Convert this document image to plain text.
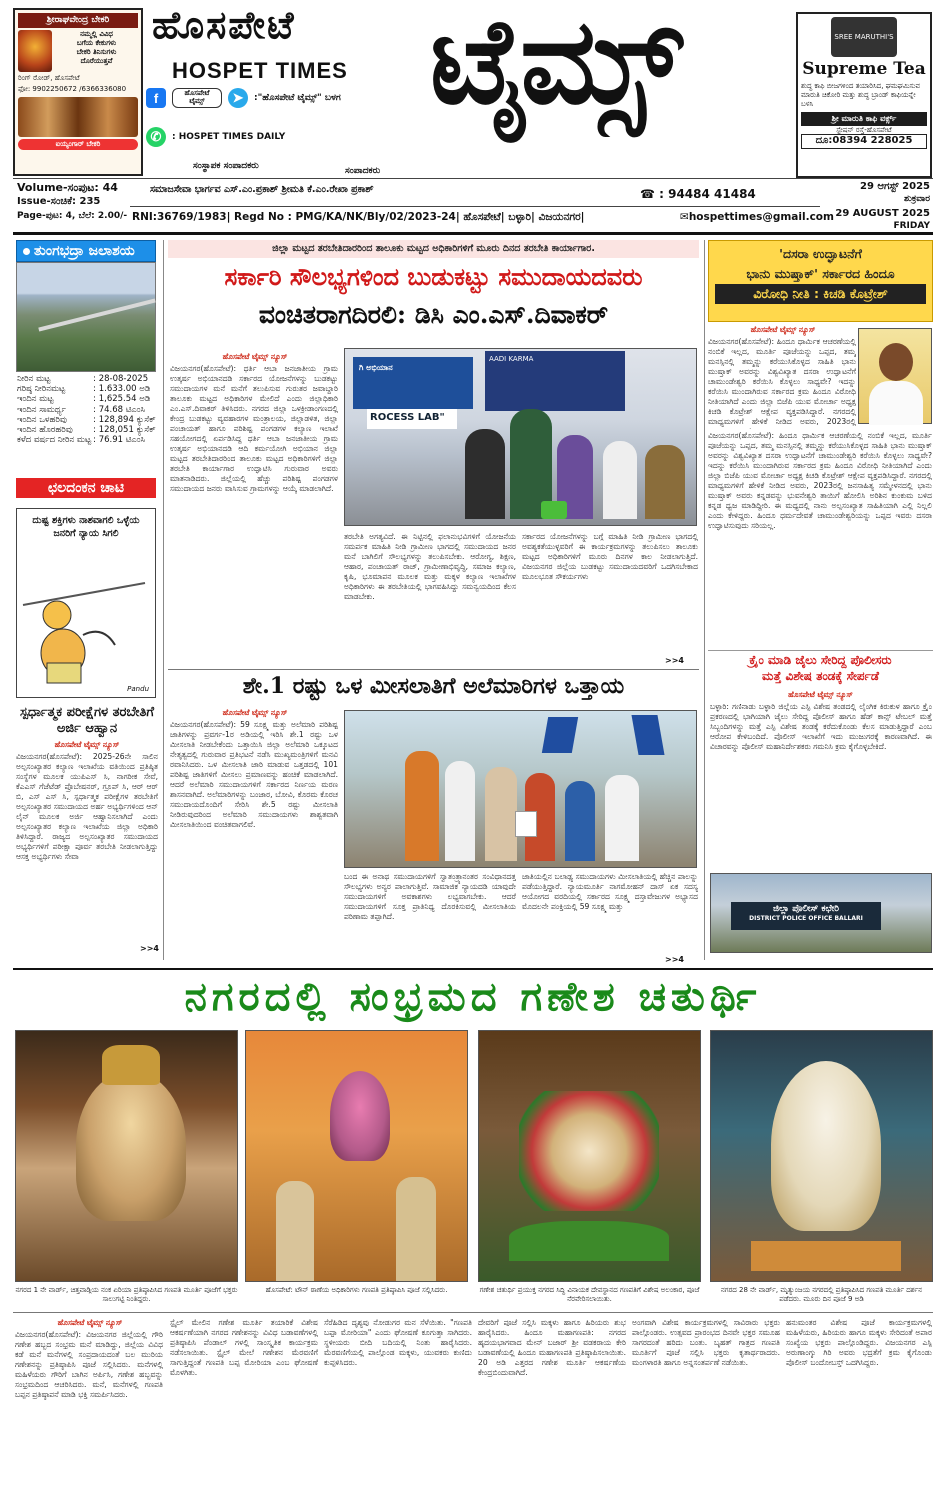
ಶ್ರೀರಾಘವೇಂದ್ರ ಬೇಕರಿ
ನಮ್ಮಲ್ಲಿ ವಿವಿಧ
ಬಗೆಯ ಕೇಕುಗಳು
ಬೇಕರಿ ತಿನಿಸುಗಳು
ದೊರೆಯುತ್ತವೆ
ರಿಂಗ್ ರೋಡ್, ಹೊಸಪೇಟೆ
ಫೋ: 9902250672 /6366336080
ಐಯ್ಯಂಗಾರ್ ಬೇಕರಿ
ಹೊಸಪೇಟೆ
HOSPET TIMES ಟೈಮ್ಸ್
f	ಹೊಸಪೇಟೆ ಟೈಮ್ಸ್	➤	:"ಹೊಸಪೇಟೆ ಟೈಮ್ಸ್" ಬಳಗ
✆	: HOSPET TIMES DAILY
ಸಂಸ್ಥಾಪಕ ಸಂಪಾದಕರು	ಸಂಪಾದಕರು
SREE MARUTHI'S
Supreme Tea
ಶುದ್ಧ ಕಾಫಿ ಬೀಜಗಳಿಂದ ತಯಾರಿಸಿದ, ಘಮಘಮಿಸುವ ಮಾರುತಿ ಚಿಕೋರಿ ಮತ್ತು ಶುದ್ಧ ಬ್ರಾಂಡ್ ಕಾಫಿಯನ್ನೇ ಬಳಸಿ
ಶ್ರೀ ಮಾರುತಿ ಕಾಫಿ ವರ್ಕ್ಸ್
ಸ್ಟೇಷನ್ ರಸ್ತೆ-ಹೊಸಪೇಟೆ
ದೂ:08394 228025
Volume-ಸಂಪುಟ: 44
Issue-ಸಂಚಿಕೆ: 235
Page-ಪುಟ: 4, ಬೆಲೆ: 2.00/-
ಸಮಾಜಸೇವಾ ಭಾರ್ಗವ ಎಸ್.ಎಂ.ಪ್ರಕಾಶ್ ಶ್ರೀಮತಿ ಕೆ.ಎಂ.ರೇಖಾ ಪ್ರಕಾಶ್	☎ : 94484 41484
29 ಆಗಸ್ಟ್ 2025
ಶುಕ್ರವಾರ
RNI:36769/1983| Regd No : PMG/KA/NK/Bly/02/2023-24| ಹೊಸಪೇಟೆ| ಬಳ್ಳಾರಿ| ವಿಜಯನಗರ|	✉hospettimes@gmail.com 29 AUGUST 2025
FRIDAY
ತುಂಗಭದ್ರಾ ಜಲಾಶಯ
ನೀರಿನ ಮಟ್ಟ	: 28-08-2025
ಗರಿಷ್ಠ ನೀರಿನಮಟ್ಟ	: 1.633.00 ಅಡಿ
ಇಂದಿನ ಮಟ್ಟ	: 1,625.54 ಅಡಿ
ಇಂದಿನ ಸಾಮರ್ಥ್ಯ	: 74.68 ಟಿಎಂಸಿ
ಇಂದಿನ ಒಳಹರಿವು	: 128,894 ಕ್ಯುಸೆಕ್
ಇಂದಿನ ಹೊರಹರಿವು	: 128,051 ಕ್ಯುಸೆಕ್
ಕಳೆದ ವರ್ಷದ ನೀರಿನ ಮಟ್ಟ	: 76.91 ಟಿಎಂಸಿ
ಛಲದಂಕನ ಚಾಟಿ
ದುಷ್ಟ ಶಕ್ತಿಗಳು ನಾಶವಾಗಲಿ ಒಳ್ಳೆಯ ಜನರಿಗೆ ನ್ಯಾಯ ಸಿಗಲಿ
Pandu
ಸ್ಪರ್ಧಾತ್ಮಕ ಪರೀಕ್ಷೆಗಳ ತರಬೇತಿಗೆ ಅರ್ಜಿ ಆಹ್ವಾನ
ಹೊಸಪೇಟೆ ಟೈಮ್ಸ್ ನ್ಯೂಸ್
ವಿಜಯನಗರ(ಹೊಸಪೇಟೆ): 2025-26ನೇ ಸಾಲಿನ ಅಲ್ಪಸಂಖ್ಯಾತರ ಕಲ್ಯಾಣ ಇಲಾಖೆಯ ವತಿಯಿಂದ ಪ್ರತಿಷ್ಠಿತ ಸಂಸ್ಥೆಗಳ ಮೂಲಕ ಯುಪಿಎಸ್ ಸಿ, ನಾಗರೀಕ ಸೇವೆ, ಕೆಎಎಸ್ ಗೆಜೆಟೆಡ್ ಪ್ರೊಬೇಷನರ್, ಗ್ರೂಪ್ ಸಿ, ಆರ್ ಆರ್ ಬಿ, ಎಸ್ ಎಸ್ ಸಿ, ಸ್ಪರ್ಧಾತ್ಮಕ ಪರೀಕ್ಷೆಗಳ ತರಬೇತಿಗೆ ಅಲ್ಪಸಂಖ್ಯಾತರ ಸಮುದಾಯದ ಅರ್ಹ ಅಭ್ಯರ್ಥಿಗಳಿಂದ ಆನ್ ಲೈನ್ ಮೂಲಕ ಅರ್ಜಿ ಆಹ್ವಾನಿಸಲಾಗಿದೆ ಎಂದು ಅಲ್ಪಸಂಖ್ಯಾತರ ಕಲ್ಯಾಣ ಇಲಾಖೆಯ ಜಿಲ್ಲಾ ಅಧಿಕಾರಿ ತಿಳಿಸಿದ್ದಾರೆ. ರಾಜ್ಯದ ಅಲ್ಪಸಂಖ್ಯಾತರ ಸಮುದಾಯದ ಅಭ್ಯರ್ಥಿಗಳಿಗೆ ಪರೀಕ್ಷಾ ಪೂರ್ವ ತರಬೇತಿ ನೀಡಲಾಗುತ್ತಿದ್ದು ಆಸಕ್ತ ಅಭ್ಯರ್ಥಿಗಳು ಸೇವಾ
>>4
ಜಿಲ್ಲಾ ಮಟ್ಟದ ತರಬೇತಿದಾರರಿಂದ ತಾಲೂಕು ಮಟ್ಟದ ಅಧಿಕಾರಿಗಳಿಗೆ ಮೂರು ದಿನದ ತರಬೇತಿ ಕಾರ್ಯಾಗಾರ.
ಸರ್ಕಾರಿ ಸೌಲಭ್ಯಗಳಿಂದ ಬುಡುಕಟ್ಟು ಸಮುದಾಯದವರು
ವಂಚಿತರಾಗದಿರಲಿ: ಡಿಸಿ ಎಂ.ಎಸ್.ದಿವಾಕರ್
ಹೊಸಪೇಟೆ ಟೈಮ್ಸ್ ನ್ಯೂಸ್
ವಿಜಯನಗರ(ಹೊಸಪೇಟೆ): ಧರ್ತಿ ಆಬಾ ಜನಜಾತೀಯ ಗ್ರಾಮ ಉತ್ಕರ್ಷ ಅಭಿಯಾನದಡಿ ಸರ್ಕಾರದ ಯೋಜನೆಗಳನ್ನು ಬುಡಕಟ್ಟು ಸಮುದಾಯಗಳ ಮನೆ ಮನೆಗೆ ತಲುಪಿಸುವ ಗುರುತರ ಜವಾಬ್ದಾರಿ ತಾಲೂಕು ಮಟ್ಟದ ಅಧಿಕಾರಿಗಳ ಮೇಲಿದೆ ಎಂದು ಜಿಲ್ಲಾಧಿಕಾರಿ ಎಂ.ಎಸ್.ದಿವಾಕರ್ ತಿಳಿಸಿದರು. ನಗರದ ಜಿಲ್ಲಾ ಒಳಕ್ರೀಡಾಂಗಣದಲ್ಲಿ ಕೇಂದ್ರ ಬುಡಕಟ್ಟು ವ್ಯವಹಾರಗಳ ಮಂತ್ರಾಲಯ, ಜಿಲ್ಲಾಡಳಿತ, ಜಿಲ್ಲಾ ಪಂಚಾಯತ್ ಹಾಗೂ ಪರಿಶಿಷ್ಟ ಪಂಗಡಗಳ ಕಲ್ಯಾಣ ಇಲಾಖೆ ಸಹಯೋಗದಲ್ಲಿ ಏರ್ಪಡಿಸಿದ್ದ ಧರ್ತಿ ಆಬಾ ಜನಜಾತೀಯ ಗ್ರಾಮ ಉತ್ಕರ್ಷ ಅಭಿಯಾನದಡಿ ಆದಿ ಕರ್ಮಯೋಗಿ ಅಭಿಯಾನ ಜಿಲ್ಲಾ ಮಟ್ಟದ ತರಬೇತಿದಾರರಿಂದ ತಾಲೂಕು ಮಟ್ಟದ ಅಧಿಕಾರಿಗಳಿಗೆ ಜಿಲ್ಲಾ ತರಬೇತಿ ಕಾರ್ಯಾಗಾರ ಉದ್ಘಾಟಿಸಿ ಗುರುವಾರ ಅವರು ಮಾತನಾಡಿದರು. ಜಿಲ್ಲೆಯಲ್ಲಿ ಹೆಚ್ಚು ಪರಿಶಿಷ್ಟ ಪಂಗಡಗಳ ಸಮುದಾಯದ ಜನರು ವಾಸಿಸುವ ಗ್ರಾಮಗಳನ್ನು ಆಯ್ಕೆ ಮಾಡಲಾಗಿದೆ.
ಗಿ ಅಭಿಯಾನ
AADI KARMA
ROCESS LAB"
ತರಬೇತಿ ಅಗತ್ಯವಿದೆ. ಈ ನಿಟ್ಟಿನಲ್ಲಿ ಫಲಾನುಭವಿಗಳಿಗೆ ಯೋಜನೆಯ ಸಮರ್ಪಕ ಮಾಹಿತಿ ನೀಡಿ ಗ್ರಾಮೀಣ ಭಾಗದಲ್ಲಿ ಸಮುದಾಯದ ಜನರ ಮನೆ ಬಾಗಿಲಿಗೆ ಸೌಲಭ್ಯಗಳನ್ನು ತಲುಪಿಸಬೇಕು. ಆರೋಗ್ಯ, ಶಿಕ್ಷಣ, ಆಹಾರ, ಪಂಚಾಯತ್ ರಾಜ್, ಗ್ರಾಮೀಣಾಭಿವೃದ್ಧಿ, ಸಮಾಜ ಕಲ್ಯಾಣ, ಕೃಷಿ, ಭೂಮಾಪನ ಮೂಲಕ ಮತ್ತು ಮಕ್ಕಳ ಕಲ್ಯಾಣ ಇಲಾಖೆಗಳ ಅಧಿಕಾರಿಗಳು ಈ ತರಬೇತಿಯಲ್ಲಿ ಭಾಗವಹಿಸಿದ್ದು ಸಮನ್ವಯದಿಂದ ಕೆಲಸ ಮಾಡಬೇಕು.
ಸರ್ಕಾರದ ಯೋಜನೆಗಳನ್ನು ಬಗ್ಗೆ ಮಾಹಿತಿ ನೀಡಿ ಗ್ರಾಮೀಣ ಭಾಗದಲ್ಲಿ ಅವಶ್ಯಕತೆಯುಳ್ಳವರಿಗೆ ಈ ಕಾರ್ಯಕ್ರಮಗಳನ್ನು ತಲುಪಿಸಲು ತಾಲೂಕು ಮಟ್ಟದ ಅಧಿಕಾರಿಗಳಿಗೆ ಮೂರು ದಿನಗಳ ಕಾಲ ನೀಡಲಾಗುತ್ತಿದೆ. ವಿಜಯನಗರ ಜಿಲ್ಲೆಯ ಬುಡಕಟ್ಟು ಸಮುದಾಯದವರಿಗೆ ಒದಗಿಸಬೇಕಾದ ಮೂಲಭೂತ ಸೌಕರ್ಯಗಳು
>>4
'ದಸರಾ ಉದ್ಘಾಟನೆಗೆ
ಭಾನು ಮುಷ್ತಾಕ್' ಸರ್ಕಾರದ ಹಿಂದೂ
ವಿರೋಧಿ ನೀತಿ : ಕಿಚಡಿ ಕೊಟ್ರೇಶ್
ಹೊಸಪೇಟೆ ಟೈಮ್ಸ್ ನ್ಯೂಸ್
ವಿಜಯನಗರ(ಹೊಸಪೇಟೆ): ಹಿಂದೂ ಧಾರ್ಮಿಕ ಆಚರಣೆಯಲ್ಲಿ ನಂಬಿಕೆ ಇಲ್ಲದ, ಮೂರ್ತಿ ಪೂಜೆಯನ್ನು ಒಪ್ಪದ, ತಮ್ಮ ಮನಸ್ಸಿನಲ್ಲಿ ತಮ್ಮನ್ನು ಕರೆಯುಸಿಕೊಳ್ಳದ ಸಾಹಿತಿ ಭಾನು ಮುಷ್ತಾಕ್ ಅವರನ್ನು ವಿಶ್ವವಿಖ್ಯಾತ ದಸರಾ ಉದ್ಘಾಟನೆಗೆ ಚಾಮುಂಡೇಶ್ವರಿ ಕರೆಯಿಸಿ ಕೊಳ್ಳಲು ಸಾಧ್ಯವೇ? ಇದನ್ನು ಕರೆಯಿಸಿ ಮುಂದಾಗಿರುವ ಸರ್ಕಾರದ ಕ್ರಮ ಹಿಂದೂ ವಿರೋಧಿ ನೀತಿಯಾಗಿದೆ ಎಂದು ಜಿಲ್ಲಾ ಬಿಜೆಪಿ ಯುವ ಮೋರ್ಚಾ ಅಧ್ಯಕ್ಷ ಕಿಚಡಿ ಕೊಟ್ರೇಶ್ ಆಕ್ಷೇಪ ವ್ಯಕ್ತಪಡಿಸಿದ್ದಾರೆ. ನಗರದಲ್ಲಿ ಮಾಧ್ಯಮಗಳಿಗೆ ಹೇಳಿಕೆ ನೀಡಿದ ಅವರು, 2023ರಲ್ಲಿ
ವಿಜಯನಗರ(ಹೊಸಪೇಟೆ): ಹಿಂದೂ ಧಾರ್ಮಿಕ ಆಚರಣೆಯಲ್ಲಿ ನಂಬಿಕೆ ಇಲ್ಲದ, ಮೂರ್ತಿ ಪೂಜೆಯನ್ನು ಒಪ್ಪದ, ತಮ್ಮ ಮನಸ್ಸಿನಲ್ಲಿ ತಮ್ಮನ್ನು ಕರೆಯುಸಿಕೊಳ್ಳದ ಸಾಹಿತಿ ಭಾನು ಮುಷ್ತಾಕ್ ಅವರನ್ನು ವಿಶ್ವವಿಖ್ಯಾತ ದಸರಾ ಉದ್ಘಾಟನೆಗೆ ಚಾಮುಂಡೇಶ್ವರಿ ಕರೆಯಿಸಿ ಕೊಳ್ಳಲು ಸಾಧ್ಯವೇ? ಇದನ್ನು ಕರೆಯಿಸಿ ಮುಂದಾಗಿರುವ ಸರ್ಕಾರದ ಕ್ರಮ ಹಿಂದೂ ವಿರೋಧಿ ನೀತಿಯಾಗಿದೆ ಎಂದು ಜಿಲ್ಲಾ ಬಿಜೆಪಿ ಯುವ ಮೋರ್ಚಾ ಅಧ್ಯಕ್ಷ ಕಿಚಡಿ ಕೊಟ್ರೇಶ್ ಆಕ್ಷೇಪ ವ್ಯಕ್ತಪಡಿಸಿದ್ದಾರೆ. ನಗರದಲ್ಲಿ ಮಾಧ್ಯಮಗಳಿಗೆ ಹೇಳಿಕೆ ನೀಡಿದ ಅವರು, 2023ರಲ್ಲಿ ಜನಸಾಹಿತ್ಯ ಸಮ್ಮೇಳನದಲ್ಲಿ ಭಾನು ಮುಷ್ತಾಕ್ ಅವರು ಕನ್ನಡವನ್ನು ಭುವನೇಶ್ವರಿ ತಾಯಿಗೆ ಹೋಲಿಸಿ ಅರಿಶಿನ ಕುಂಕುಮ ಬಳಿದ ಕನ್ನಡ ಧ್ವಜ ಮಾಡಿದ್ದೀರಿ. ಈ ಮಧ್ಯದಲ್ಲಿ ನಾನು ಅಲ್ಪಸಂಖ್ಯಾತ ಸಾಹಿತಿಯಾಗಿ ಎಲ್ಲಿ ನಿಲ್ಲಲಿ ಎಂದು ಕೇಳಿದ್ದರು. ಹಿಂದೂ ಧರ್ಮದೇವತೆ ಚಾಮುಂಡೇಶ್ವರಿಯನ್ನು ಒಪ್ಪದ ಇವರು ದಸರಾ ಉದ್ಘಾಟಿಸುವುದು ಸರಿಯಲ್ಲ.
ಕ್ರೈಂ ಮಾಡಿ ಜೈಲು ಸೇರಿದ್ದ ಪೊಲೀಸರು
ಮತ್ತೆ ವಿಶೇಷ ತಂಡಕ್ಕೆ ಸೇರ್ಪಡೆ
ಹೊಸಪೇಟೆ ಟೈಮ್ಸ್ ನ್ಯೂಸ್
ಬಳ್ಳಾರಿ: ಗಣಿನಾಡು ಬಳ್ಳಾರಿ ಜಿಲ್ಲೆಯ ಎಸ್ಪಿ ವಿಶೇಷ ತಂಡದಲ್ಲಿ ಲೈಂಗಿಕ ಕಿರುಕುಳ ಹಾಗೂ ಕ್ರೈಂ ಪ್ರಕರಣದಲ್ಲಿ ಭಾಗಿಯಾಗಿ ಜೈಲು ಸೇರಿದ್ದ ಪೊಲೀಸ್ ಹಾಗೂ ಹೆಡ್ ಕಾನ್ಸ್ ಟೇಬಲ್ ಮತ್ತೆ ಸಿಬ್ಬಂದಿಗಳನ್ನು ಮತ್ತೆ ಎಸ್ಪಿ ವಿಶೇಷ ತಂಡಕ್ಕೆ ಕರೆದುಕೊಂಡು ಕೆಲಸ ಮಾಡುತ್ತಿದ್ದಾರೆ ಎಂಬ ಆರೋಪ ಕೇಳಿಬಂದಿದೆ. ಪೊಲೀಸ್ ಇಲಾಖೆಗೆ ಇದು ಮುಜುಗರಕ್ಕೆ ಕಾರಣವಾಗಿದೆ. ಈ ವಿಚಾರವನ್ನು ಪೊಲೀಸ್ ಮಹಾನಿರ್ದೇಶಕರು ಗಮನಿಸಿ ಕ್ರಮ ಕೈಗೊಳ್ಳಬೇಕಿದೆ.
ಜಿಲ್ಲಾ ಪೊಲೀಸ್ ಕಛೇರಿ
DISTRICT POLICE OFFICE BALLARI
ಶೇ.1 ರಷ್ಟು ಒಳ ಮೀಸಲಾತಿಗೆ ಅಲೆಮಾರಿಗಳ ಒತ್ತಾಯ
ಹೊಸಪೇಟೆ ಟೈಮ್ಸ್ ನ್ಯೂಸ್
ವಿಜಯನಗರ(ಹೊಸಪೇಟೆ): 59 ಸೂಕ್ಷ್ಮ ಮತ್ತು ಅಲೆಮಾರಿ ಪರಿಶಿಷ್ಟ ಜಾತಿಗಳನ್ನು ಪ್ರವರ್ಗ-1ರ ಅಡಿಯಲ್ಲಿ ಇರಿಸಿ ಶೇ.1 ರಷ್ಟು ಒಳ ಮೀಸಲಾತಿ ನೀಡಬೇಕೆಂದು ಒತ್ತಾಯಿಸಿ ಜಿಲ್ಲಾ ಅಲೆಮಾರಿ ಒಕ್ಕೂಟದ ನೇತೃತ್ವದಲ್ಲಿ ಗುರುವಾರ ಪ್ರತಿಭಟನೆ ನಡೆಸಿ ಮುಖ್ಯಮಂತ್ರಿಗಳಿಗೆ ಮನವಿ ರವಾನಿಸಿದರು. ಒಳ ಮೀಸಲಾತಿ ಜಾರಿ ಮಾಡುವ ಒತ್ತಡದಲ್ಲಿ 101 ಪರಿಶಿಷ್ಟ ಜಾತಿಗಳಿಗೆ ಮೀಸಲು ಪ್ರಮಾಣವನ್ನು ಹಂಚಿಕೆ ಮಾಡಲಾಗಿದೆ. ಆದರೆ ಅಲೆಮಾರಿ ಸಮುದಾಯಗಳಿಗೆ ಸರ್ಕಾರದ ನಿರ್ಣಯ ಮರಣ ಶಾಸನವಾಗಿದೆ. ಅಲೆಮಾರಿಗಳನ್ನು ಬಂಜಾರ, ಬೋವಿ, ಕೊರಮ ಕೊರಚ ಸಮುದಾಯದೊಂದಿಗೆ ಸೇರಿಸಿ ಶೇ.5 ರಷ್ಟು ಮೀಸಲಾತಿ ನೀಡಿರುವುದರಿಂದ ಅಲೆಮಾರಿ ಸಮುದಾಯಗಳು ಶಾಶ್ವತವಾಗಿ ಮೀಸಲಾತಿಯಿಂದ ವಂಚಿತವಾಗಲಿವೆ.
ಬಂದ ಈ ಅನಾಥ ಸಮುದಾಯಗಳಿಗೆ ಸ್ವಾತಂತ್ರ್ಯಾನಂತರ ಸಂವಿಧಾನದತ್ತ ಸೌಲಭ್ಯಗಳು ಅನ್ಯರ ಪಾಲಾಗುತ್ತಿವೆ. ಸಾಮಾಜಿಕ ನ್ಯಾಯದಡಿ ಯಾವುದೇ ಸಮುದಾಯಗಳಿಗೆ ಅವಕಾಶಗಳು ಲಭ್ಯವಾಗಬೇಕು. ಆದರೆ ಸಮುದಾಯಗಳಿಗೆ ಸೂಕ್ತ ಪ್ರಾತಿನಿಧ್ಯ ದೊರಕಿಸುವಲ್ಲಿ ಮೀಸಲಾತಿಯ ಪರಿಣಾಮ ತಪ್ಪಾಗಿದೆ.
ಜಾತಿಯಲ್ಲಿನ ಬಲಾಢ್ಯ ಸಮುದಾಯಗಳು ಮೀಸಲಾತಿಯಲ್ಲಿ ಹೆಚ್ಚಿನ ಪಾಲನ್ನು ಪಡೆಯುತ್ತಿದ್ದಾರೆ. ನ್ಯಾಯಮೂರ್ತಿ ನಾಗಮೋಹನ್ ದಾಸ್ ಏಕ ಸದಸ್ಯ ಆಯೋಗದ ವರದಿಯಲ್ಲಿ ಸರ್ಕಾರದ ಸೂಕ್ಷ್ಮ ದಸ್ತಾವೇಜುಗಳ ಅಭ್ಯಾಸದ ಮೊದಲನೇ ಪಂಕ್ತಿಯಲ್ಲಿ 59 ಸೂಕ್ಷ್ಮ ಮತ್ತು
>>4
ನಗರದಲ್ಲಿ ಸಂಭ್ರಮದ ಗಣೇಶ ಚತುರ್ಥಿ
ನಗರದ 1 ನೇ ವಾರ್ಡ್, ಚಿತ್ತವಾಡ್ಗಿಯ ನಂಕ ಏರಿಯಾ ಪ್ರತಿಷ್ಠಾಪಿಸಿದ ಗಣಪತಿ ಮೂರ್ತಿ ಪೂಜೆಗೆ ಭಕ್ತರು ಸಾಲುಗಟ್ಟಿ ನಿಂತಿದ್ದರು.
ಹೊಸಪೇಟೆ: ಟೌನ್ ಠಾಣೆಯ ಅಧಿಕಾರಿಗಳು ಗಣಪತಿ ಪ್ರತಿಷ್ಠಾಪಿಸಿ ಪೂಜೆ ಸಲ್ಲಿಸಿದರು.	ಗಣೇಶ ಚತುರ್ಥಿ ಪ್ರಯುಕ್ತ ನಗರದ ಸಿದ್ಧಿ ವಿನಾಯಕ ದೇವಸ್ಥಾನದ ಗಣಪತಿಗೆ ವಿಶೇಷ ಅಲಂಕಾರ, ಪೂಜೆ ನೆರವೇರಿಸಲಾಯಿತು.
ನಗರದ 28 ನೇ ವಾರ್ಡ್, ಮೃತ್ಯುಂಜಯ ನಗರದಲ್ಲಿ ಪ್ರತಿಷ್ಠಾಪಿಸಿದ ಗಣಪತಿ ಮೂರ್ತಿ ದರ್ಶನ ಪಡೆದರು. ಮೂರು ದಿನ ಪೂಜೆ 9 ಅಡಿ
ಹೊಸಪೇಟೆ ಟೈಮ್ಸ್ ನ್ಯೂಸ್
ವಿಜಯನಗರ(ಹೊಸಪೇಟೆ): ವಿಜಯನಗರ ಜಿಲ್ಲೆಯಲ್ಲಿ ಗೌರಿ ಗಣೇಶ ಹಬ್ಬದ ಸಂಭ್ರಮ ಮನೆ ಮಾಡಿದ್ದು, ಜಿಲ್ಲೆಯ ವಿವಿಧ ಕಡೆ ಮನೆ ಮನೆಗಳಲ್ಲಿ ಸಂಪ್ರದಾಯದಂತೆ ಬಲ ಮುರಿಯ ಗಣೇಶನನ್ನು ಪ್ರತಿಷ್ಠಾಪಿಸಿ ಪೂಜೆ ಸಲ್ಲಿಸಿದರು. ಮನೆಗಳಲ್ಲಿ ಮಹಿಳೆಯರು ಗೌರಿಗೆ ಬಾಗಿನ ಅರ್ಪಿಸಿ, ಗಣೇಶ ಹಬ್ಬವನ್ನು ಸಂಭ್ರಮದಿಂದ ಆಚರಿಸಿದರು. ಮನೆ, ಮನೆಗಳಲ್ಲಿ ಗಣಪತಿ ಬಪ್ಪನ ಪ್ರತಿಷ್ಠಾಪನೆ ಮಾಡಿ ಭಕ್ತಿ ಸಮರ್ಪಿಸಿದರು.
ಸ್ಟೈಲ್ ಮೇಲಿನ ಗಣೇಶ ಮೂರ್ತಿ ತಯಾರಿಕೆ ವಿಶೇಷ ಆಕರ್ಷಣೆಯಾಗಿ ನಗರದ ಗಣೇಶನನ್ನು ವಿವಿಧ ಬಡಾವಣೆಗಳಲ್ಲಿ ಪ್ರತಿಷ್ಠಾಪಿಸಿ ಪೆಂಡಾಲ್ ಗಳಲ್ಲಿ ಸಾಂಸ್ಕೃತಿಕ ಕಾರ್ಯಕ್ರಮ ನಡೆಸಲಾಯಿತು. ಸ್ಟೈಲ್ ಮೇಲೆ ಗಣೇಶನ ಮೆರವಣಿಗೆ ಸಾಗುತ್ತಿದ್ದಂತೆ ಗಣಪತಿ ಬಪ್ಪ ಮೋರಿಯಾ ಎಂಬ ಘೋಷಣೆ ಮೊಳಗಿತು.
ಸೆರೆಹಿಡಿದ ದೃಶ್ಯವು ನೋಡುಗರ ಮನ ಸೆಳೆಯಿತು. "ಗಣಪತಿ ಬಪ್ಪಾ ಮೋರಿಯಾ" ಎಂದು ಘೋಷಣೆ ಕೂಗುತ್ತಾ ಸಾಗಿದರು. ಸ್ಥಳೀಯರು ಬೀದಿ ಬದಿಯಲ್ಲಿ ನಿಂತು ಹಾರೈಸಿದರು. ಮೆರವಣಿಗೆಯಲ್ಲಿ ಪಾಲ್ಗೊಂಡ ಮಕ್ಕಳು, ಯುವಕರು ಕುಣಿದು ಕುಪ್ಪಳಿಸಿದರು.
ದೇವರಿಗೆ ಪೂಜೆ ಸಲ್ಲಿಸಿ ಮಕ್ಕಳು ಹಾಗೂ ಹಿರಿಯರು ಶುಭ ಹಾರೈಸಿದರು. ಹಿಂದೂ ಮಹಾಗಣಪತಿ: ನಗರದ ಹೃದಯಭಾಗವಾದ ಮೇನ್ ಬಜಾರ್ ಶ್ರೀ ವಡಕರಾಯ ಕೇರಿ ಬಡಾವಣೆಯಲ್ಲಿ ಹಿಂದೂ ಮಹಾಗಣಪತಿ ಪ್ರತಿಷ್ಠಾಪಿಸಲಾಯಿತು. 20 ಅಡಿ ಎತ್ತರದ ಗಣೇಶ ಮೂರ್ತಿ ಆಕರ್ಷಣೆಯ ಕೇಂದ್ರಬಿಂದುವಾಗಿದೆ.
ಅಂಗವಾಗಿ ವಿಶೇಷ ಕಾರ್ಯಕ್ರಮಗಳಲ್ಲಿ ಸಾವಿರಾರು ಭಕ್ತರು ಪಾಲ್ಗೊಂಡರು. ಉತ್ಸವದ ಪ್ರಾರಂಭದ ದಿನವೇ ಭಕ್ತರ ಸಮೂಹ ಸಾಗರದಂತೆ ಹರಿದು ಬಂತು. ಬೃಹತ್ ಗಾತ್ರದ ಗಣಪತಿ ಮೂರ್ತಿಗೆ ಪೂಜೆ ಸಲ್ಲಿಸಿ ಭಕ್ತರು ಕೃತಾರ್ಥರಾದರು. ಮಂಗಳಾರತಿ ಹಾಗೂ ಅನ್ನಸಂತರ್ಪಣೆ ನಡೆಯಿತು.
ಹನುಮಂತರ ವಿಶೇಷ ಪೂಜೆ ಕಾರ್ಯಕ್ರಮಗಳಲ್ಲಿ ಮಹಿಳೆಯರು, ಹಿರಿಯರು ಹಾಗೂ ಮಕ್ಕಳು ಸೇರಿದಂತೆ ಅಪಾರ ಸಂಖ್ಯೆಯ ಭಕ್ತರು ಪಾಲ್ಗೊಂಡಿದ್ದರು. ವಿಜಯನಗರ ಎಸ್ಪಿ ಅರುಣಾಂಗ್ಶು ಗಿರಿ ಅವರು ಭದ್ರತೆಗೆ ಕ್ರಮ ಕೈಗೊಂಡು ಪೊಲೀಸ್ ಬಂದೋಬಸ್ತ್ ಒದಗಿಸಿದ್ದರು.
